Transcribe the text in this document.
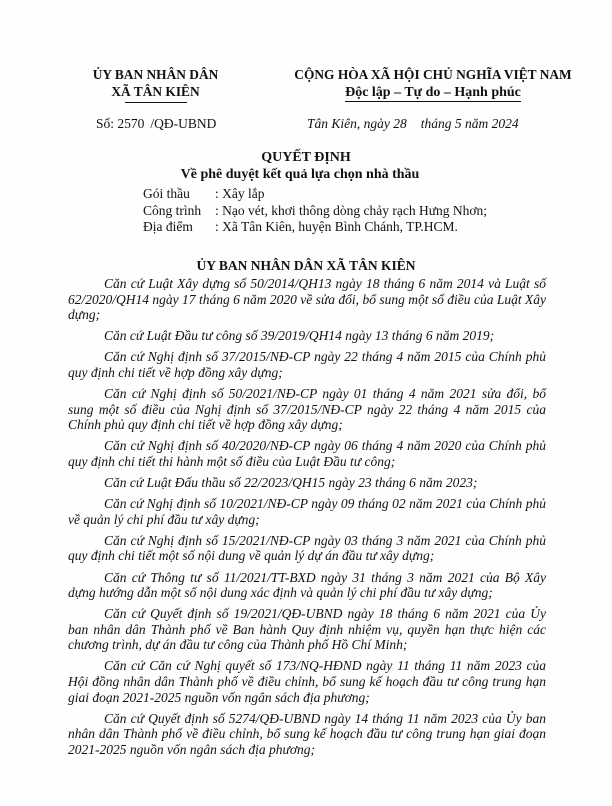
ỦY BAN NHÂN DÂN
XÃ TÂN KIÊN
CỘNG HÒA XÃ HỘI CHỦ NGHĨA VIỆT NAM
Độc lập – Tự do – Hạnh phúc
Số: 2570 /QĐ-UBND	Tân Kiên, ngày 28 tháng 5 năm 2024
QUYẾT ĐỊNH
Về phê duyệt kết quả lựa chọn nhà thầu
Gói thầu	: Xây lắp
Công trình	: Nạo vét, khơi thông dòng chảy rạch Hưng Nhơn;
Địa điểm	: Xã Tân Kiên, huyện Bình Chánh, TP.HCM.
ỦY BAN NHÂN DÂN XÃ TÂN KIÊN

Căn cứ Luật Xây dựng số 50/2014/QH13 ngày 18 tháng 6 năm 2014 và Luật số 62/2020/QH14 ngày 17 tháng 6 năm 2020 về sửa đổi, bổ sung một số điều của Luật Xây dựng;

Căn cứ Luật Đầu tư công số 39/2019/QH14 ngày 13 tháng 6 năm 2019;

Căn cứ Nghị định số 37/2015/NĐ-CP ngày 22 tháng 4 năm 2015 của Chính phủ quy định chi tiết về hợp đồng xây dựng;

Căn cứ Nghị định số 50/2021/NĐ-CP ngày 01 tháng 4 năm 2021 sửa đổi, bổ sung một số điều của Nghị định số 37/2015/NĐ-CP ngày 22 tháng 4 năm 2015 của Chính phủ quy định chi tiết về hợp đồng xây dựng;

Căn cứ Nghị định số 40/2020/NĐ-CP ngày 06 tháng 4 năm 2020 của Chính phủ quy định chi tiết thi hành một số điều của Luật Đầu tư công;

Căn cứ Luật Đấu thầu số 22/2023/QH15 ngày 23 tháng 6 năm 2023;

Căn cứ Nghị định số 10/2021/NĐ-CP ngày 09 tháng 02 năm 2021 của Chính phủ về quản lý chi phí đầu tư xây dựng;

Căn cứ Nghị định số 15/2021/NĐ-CP ngày 03 tháng 3 năm 2021 của Chính phủ quy định chi tiết một số nội dung về quản lý dự án đầu tư xây dựng;

Căn cứ Thông tư số 11/2021/TT-BXD ngày 31 tháng 3 năm 2021 của Bộ Xây dựng hướng dẫn một số nội dung xác định và quản lý chi phí đầu tư xây dựng;

Căn cứ Quyết định số 19/2021/QĐ-UBND ngày 18 tháng 6 năm 2021 của Ủy ban nhân dân Thành phố về Ban hành Quy định nhiệm vụ, quyền hạn thực hiện các chương trình, dự án đầu tư công của Thành phố Hồ Chí Minh;

Căn cứ Căn cứ Nghị quyết số 173/NQ-HĐND ngày 11 tháng 11 năm 2023 của Hội đồng nhân dân Thành phố về điều chỉnh, bổ sung kế hoạch đầu tư công trung hạn giai đoạn 2021-2025 nguồn vốn ngân sách địa phương;

Căn cứ Quyết định số 5274/QĐ-UBND ngày 14 tháng 11 năm 2023 của Ủy ban nhân dân Thành phố về điều chỉnh, bổ sung kế hoạch đầu tư công trung hạn giai đoạn 2021-2025 nguồn vốn ngân sách địa phương;
